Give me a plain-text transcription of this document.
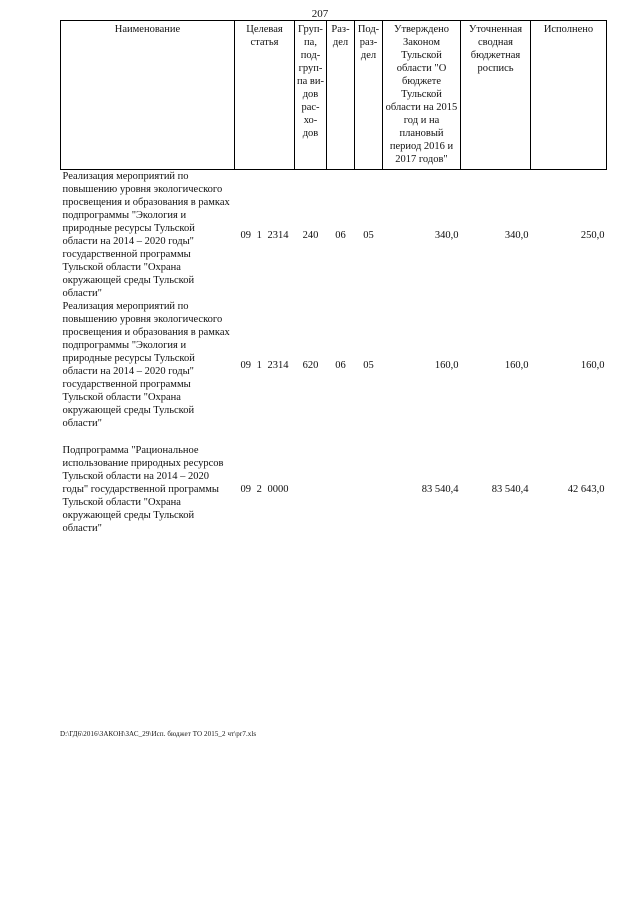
207
Наименование	Целевая статья	Груп-па, под-груп-па ви-дов рас-хо-дов	Раз-дел	Под-раз-дел	Утверждено Законом Тульской области "О бюджете Тульской области на 2015 год и на плановый период 2016 и 2017 годов"	Уточненная сводная бюджетная роспись	Исполнено
Реализация мероприятий по повышению уровня экологического просвещения и образования в рамках подпрограммы "Экология и природные ресурсы Тульской области на 2014 – 2020 годы" государственной программы Тульской области "Охрана окружающей среды Тульской области"	09 1 2314	240	06	05	340,0	340,0	250,0
Реализация мероприятий по повышению уровня экологического просвещения и образования в рамках подпрограммы "Экология и природные ресурсы Тульской области на 2014 – 2020 годы" государственной программы Тульской области "Охрана окружающей среды Тульской области"	09 1 2314	620	06	05	160,0	160,0	160,0

Подпрограмма "Рациональное использование природных ресурсов Тульской области на 2014 – 2020 годы" государственной программы Тульской области "Охрана окружающей среды Тульской области"	09 2 0000				83 540,4	83 540,4	42 643,0
D:\ГД6\2016\ЗАКОН\ЗАС_29\Исп. бюджет ТО 2015_2 чт\pr7.xls
